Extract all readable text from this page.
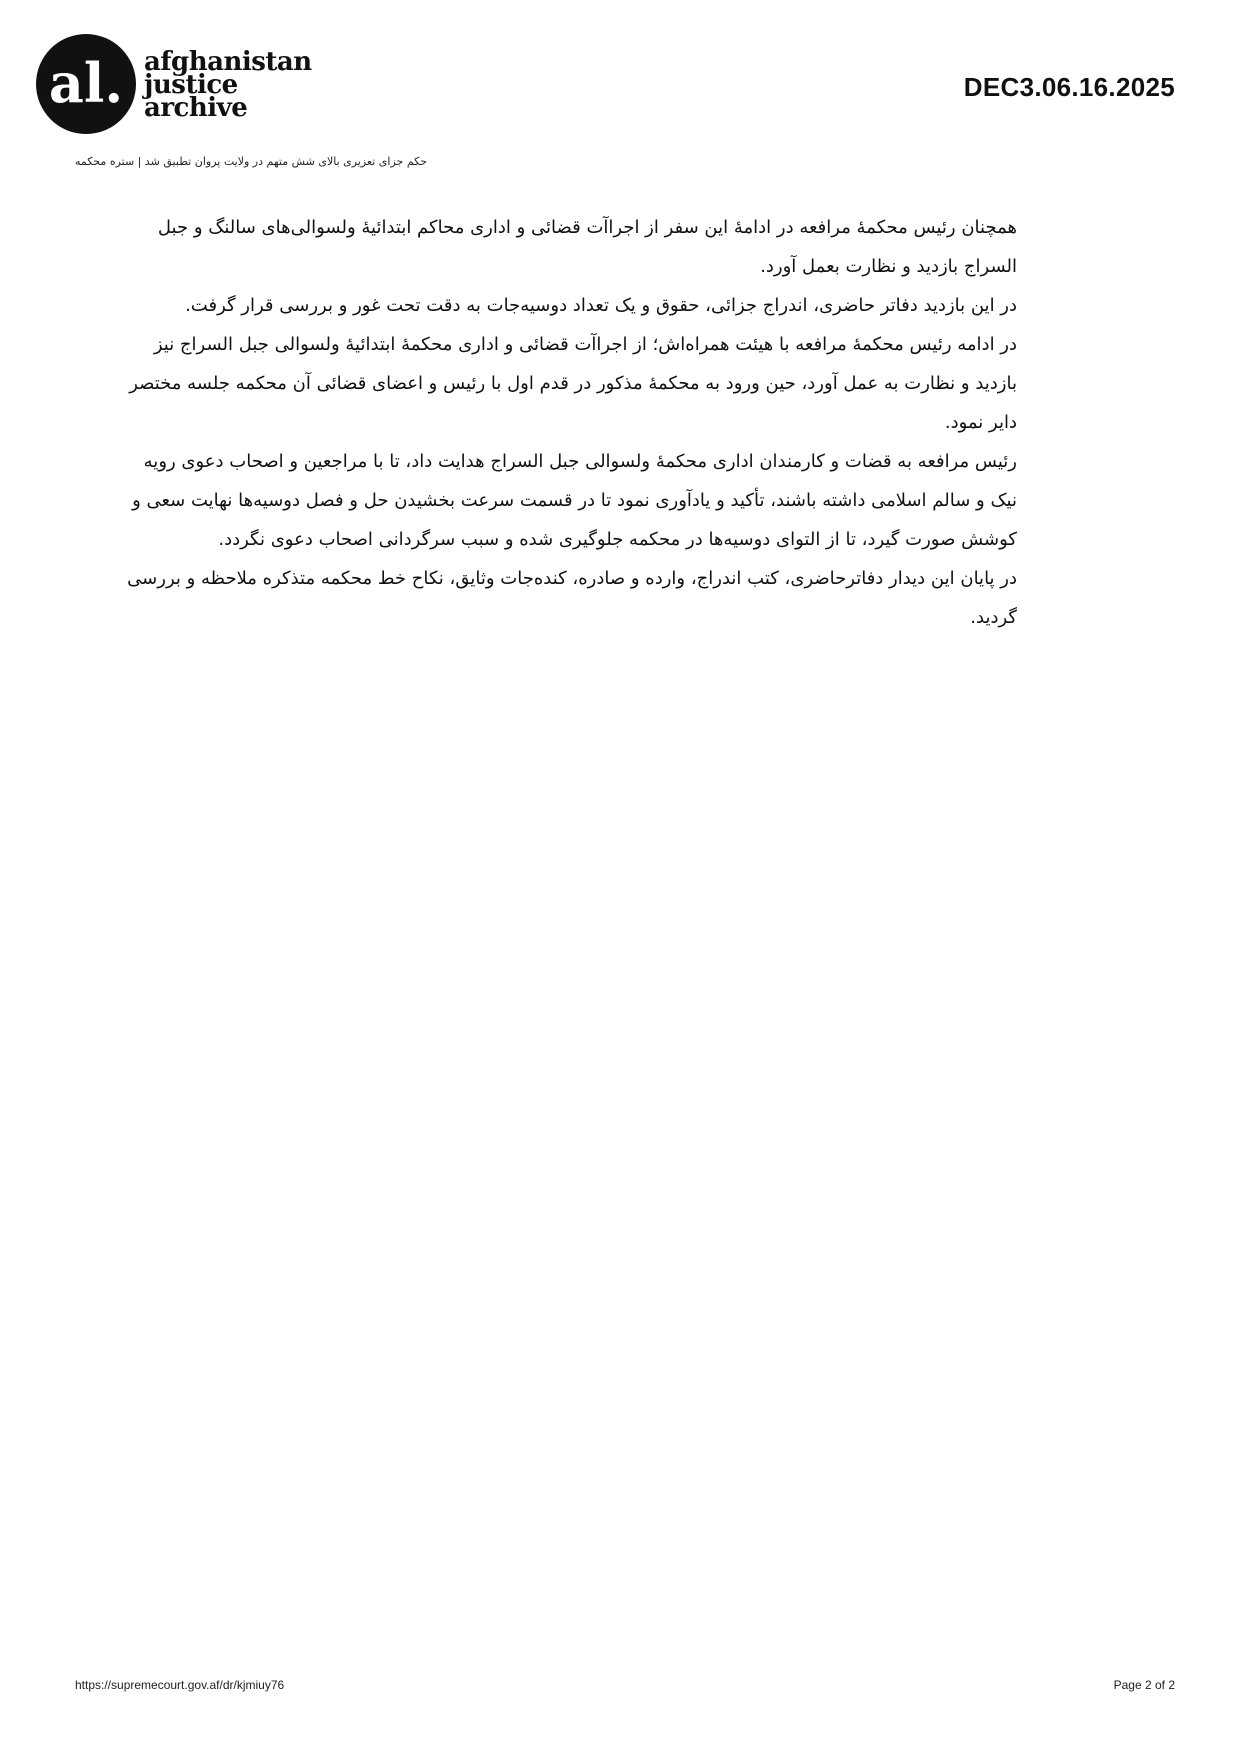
al. afghanistan
justice
archive
DEC3.06.16.2025
حکم جزای تعزیری بالای شش متهم در ولایت پروان تطبیق شد | ستره محکمه

همچنان رئیس محکمهٔ مرافعه در ادامهٔ این سفر از اجراآت قضائی و اداری محاکم ابتدائیهٔ ولسوالی‌های سالنگ و جبل السراج بازدید و نظارت بعمل آورد.

در این بازدید دفاتر حاضری، اندراج جزائی، حقوق و یک تعداد دوسیه‌جات به دقت تحت غور و بررسی قرار گرفت.

در ادامه رئیس محکمهٔ مرافعه با هیئت همراه‌اش؛ از اجراآت قضائی و اداری محکمهٔ ابتدائیهٔ ولسوالی جبل السراج نیز بازدید و نظارت به عمل آورد، حین ورود به محکمهٔ مذکور در قدم اول با رئیس و اعضای قضائی آن محکمه جلسه مختصر دایر نمود.

رئیس مرافعه به قضات و کارمندان اداری محکمهٔ ولسوالی جبل السراج هدایت داد، تا با مراجعین و اصحاب دعوی رویه نیک و سالم اسلامی داشته باشند، تأکید و یادآوری نمود تا در قسمت سرعت بخشیدن حل و فصل دوسیه‌ها نهایت سعی و کوشش صورت گیرد، تا از التوای دوسیه‌ها در محکمه جلوگیری شده و سبب سرگردانی اصحاب دعوی نگردد.

در پایان این دیدار دفاترحاضری، کتب اندراج، وارده و صادره، کنده‌جات وثایق، نکاح خط محکمه متذکره ملاحظه و بررسی گردید.

https://supremecourt.gov.af/dr/kjmiuy76	Page 2 of 2
